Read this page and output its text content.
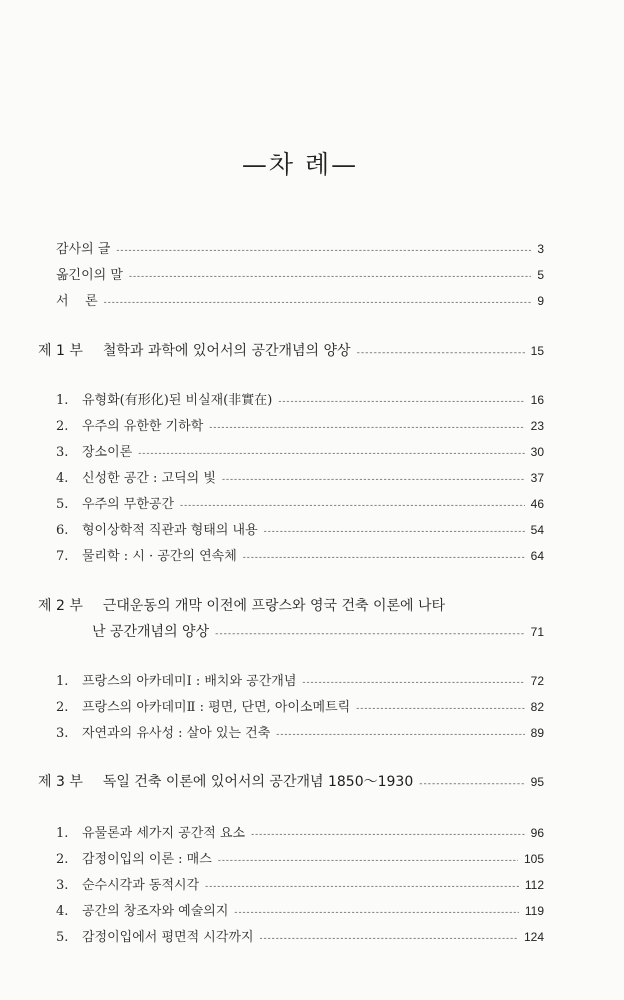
—차 례—
감사의 글 -----	3
옮긴이의 말 -----	5
서    론 -----	9
제 1 부 철학과 과학에 있어서의 공간개념의 양상 -----	15
1. 유형화(有形化)된 비실재(非實在) -----	16
2. 우주의 유한한 기하학 -----	23
3. 장소이론 -----	30
4. 신성한 공간 : 고딕의 빛 -----	37
5. 우주의 무한공간 -----	46
6. 형이상학적 직관과 형태의 내용 -----	54
7. 물리학 : 시 · 공간의 연속체 -----	64
제 2 부 근대운동의 개막 이전에 프랑스와 영국 건축 이론에 나타
난 공간개념의 양상 -----	71
1. 프랑스의 아카데미Ⅰ : 배치와 공간개념 -----	72
2. 프랑스의 아카데미Ⅱ : 평면, 단면, 아이소메트릭 -----	82
3. 자연과의 유사성 : 살아 있는 건축 -----	89
제 3 부 독일 건축 이론에 있어서의 공간개념 1850～1930 -----	95
1. 유물론과 세가지 공간적 요소 -----	96
2. 감정이입의 이론 : 매스 -----	105
3. 순수시각과 동적시각 -----	112
4. 공간의 창조자와 예술의지 -----	119
5. 감정이입에서 평면적 시각까지 -----	124
